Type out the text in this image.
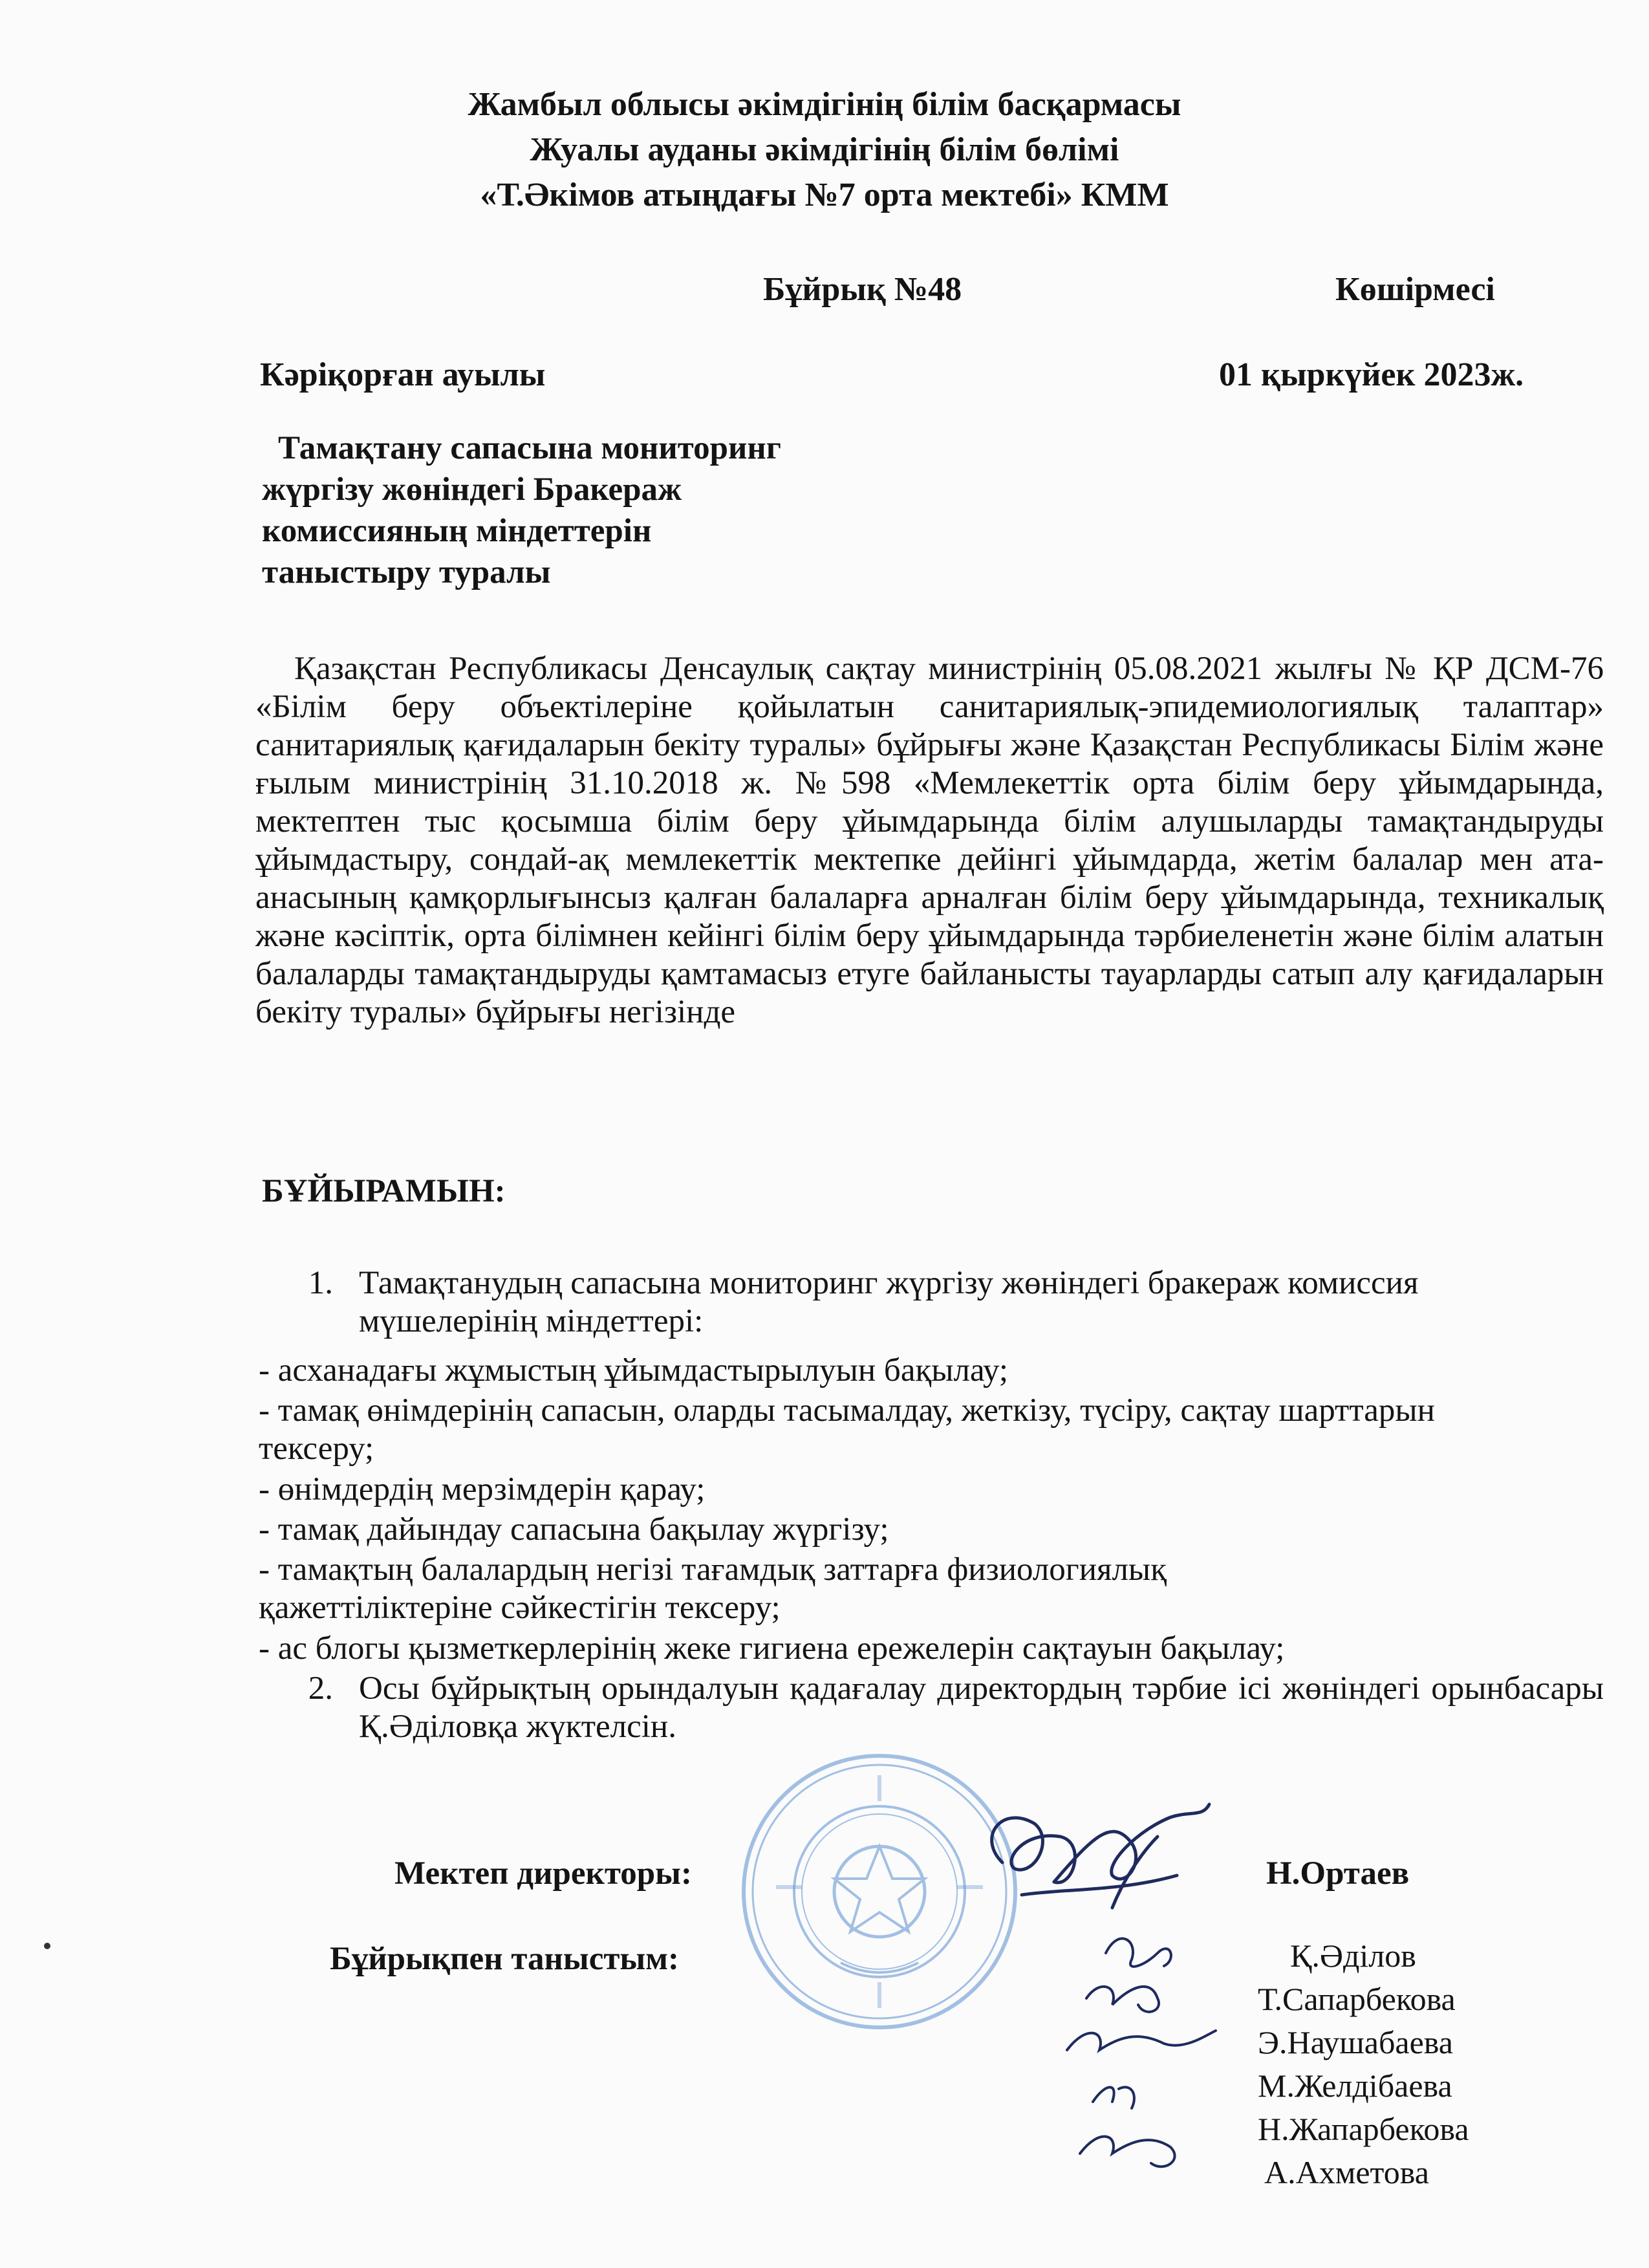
Жамбыл облысы әкімдігінің білім басқармасы
Жуалы ауданы әкімдігінің білім бөлімі
«Т.Әкімов атыңдағы №7 орта мектебі» КММ
Бұйрық №48	Көшірмесі
Кәріқорған ауылы	01 қыркүйек 2023ж.
Тамақтану сапасына мониторинг
жүргізу жөніндегі Бракераж
комиссияның міндеттерін
таныстыру туралы
Қазақстан Республикасы Денсаулық сақтау министрінің 05.08.2021 жылғы № ҚР ДСМ-76 «Білім беру объектілеріне қойылатын санитариялық-эпидемиологиялық талаптар» санитариялық қағидаларын бекіту туралы» бұйрығы және Қазақстан Республикасы Білім және ғылым министрінің 31.10.2018 ж. №598 «Мемлекеттік орта білім беру ұйымдарында, мектептен тыс қосымша білім беру ұйымдарында білім алушыларды тамақтандыруды ұйымдастыру, сондай-ақ мемлекеттік мектепке дейінгі ұйымдарда, жетім балалар мен ата-анасының қамқорлығынсыз қалған балаларға арналған білім беру ұйымдарында, техникалық және кәсіптік, орта білімнен кейінгі білім беру ұйымдарында тәрбиеленетін және білім алатын балаларды тамақтандыруды қамтамасыз етуге байланысты тауарларды сатып алу қағидаларын бекіту туралы» бұйрығы негізінде
БҰЙЫРАМЫН:
1. Тамақтанудың сапасына мониторинг жүргізу жөніндегі бракераж комиссия мүшелерінің міндеттері:
- асханадағы жұмыстың ұйымдастырылуын бақылау;
- тамақ өнімдерінің сапасын, оларды тасымалдау, жеткізу, түсіру, сақтау шарттарын тексеру;
- өнімдердің мерзімдерін қарау;
- тамақ дайындау сапасына бақылау жүргізу;
- тамақтың балалардың негізі тағамдық заттарға физиологиялық қажеттіліктеріне сәйкестігін тексеру;
- ас блогы қызметкерлерінің жеке гигиена ережелерін сақтауын бақылау;
2. Осы бұйрықтың орындалуын қадағалау директордың тәрбие ісі жөніндегі орынбасары Қ.Әділовқа жүктелсін.
Мектеп директоры:	Н.Ортаев
Бұйрықпен таныстым:	Қ.Әділов
Т.Сапарбекова
Э.Наушабаева
М.Желдібаева
Н.Жапарбекова
А.Ахметова
